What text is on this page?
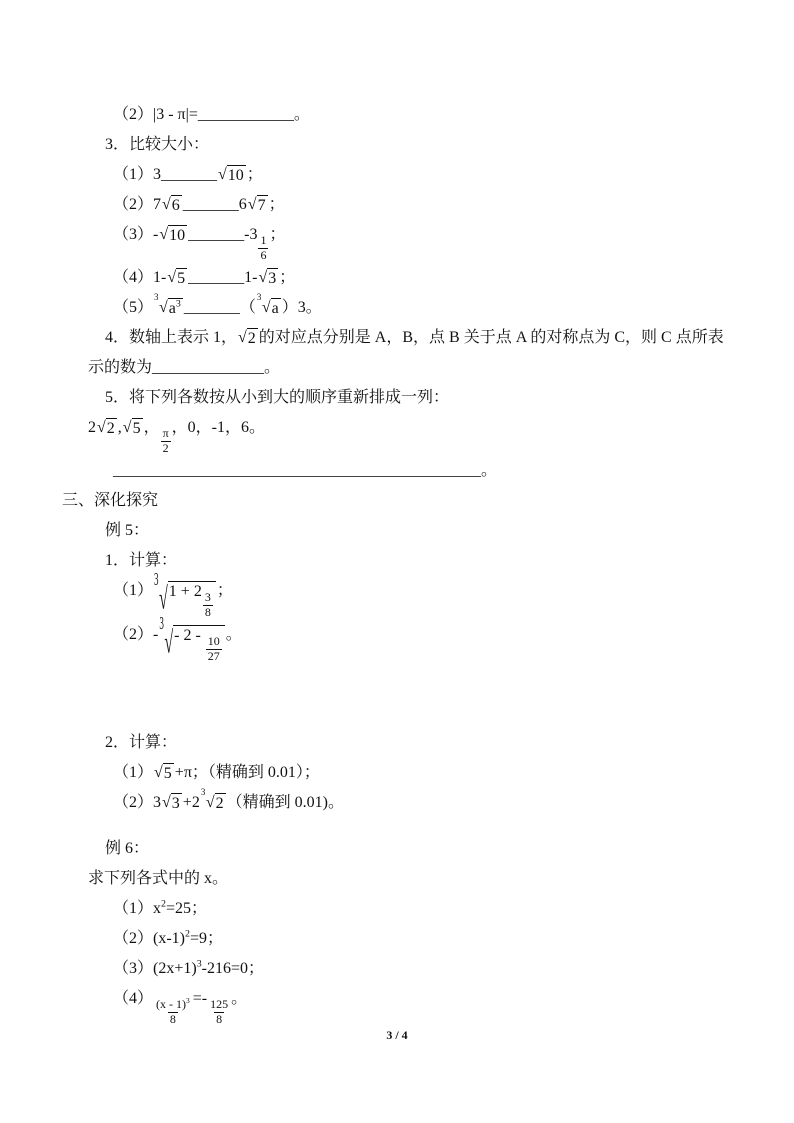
（2）|3 - π|=____________。
3．比较大小：
（1）3_______ √ 10 ；
（2）7 √ 6 _______6 √ 7 ；
（3）- √ 10 _______-3 $\frac{1}{6}$ ；
（4）1- √ 5 _______1- √ 3 ；
（5）
3
√ $a^3$ _______（
3
√ a ）3。
4．数轴上表示 1， √ 2 的对应点分别是 A，B，点 B 关于点 A 的对称点为 C，则 C 点所表
示的数为______________。
5．将下列各数按从小到大的顺序重新排成一列：
2 √ 2 , √ 5 ， $\frac{\pi}{2}$ ，0，-1，6。
______________________________________________。
三、深化探究
例 5：
1．计算：
（1）
3
√ $1 + 2 \frac{3}{8}$
；
（2）-
3
√ - $2 - \frac{10}{27}$
。
2．计算：
（1） √ 5 +π；（精确到 0.01）；
（2）3 √ 3 +2
3
√ 2 （精确到 0.01)。
例 6：
求下列各式中的 x。
$(1)x^2=25$；
$(2)(x-1)^2=9$；
$(3)(2x+1)^3-216=0$；
$(4) \frac{(x - 1)^3}{8} =- \frac{125}{8}$ 。
3 / 4
